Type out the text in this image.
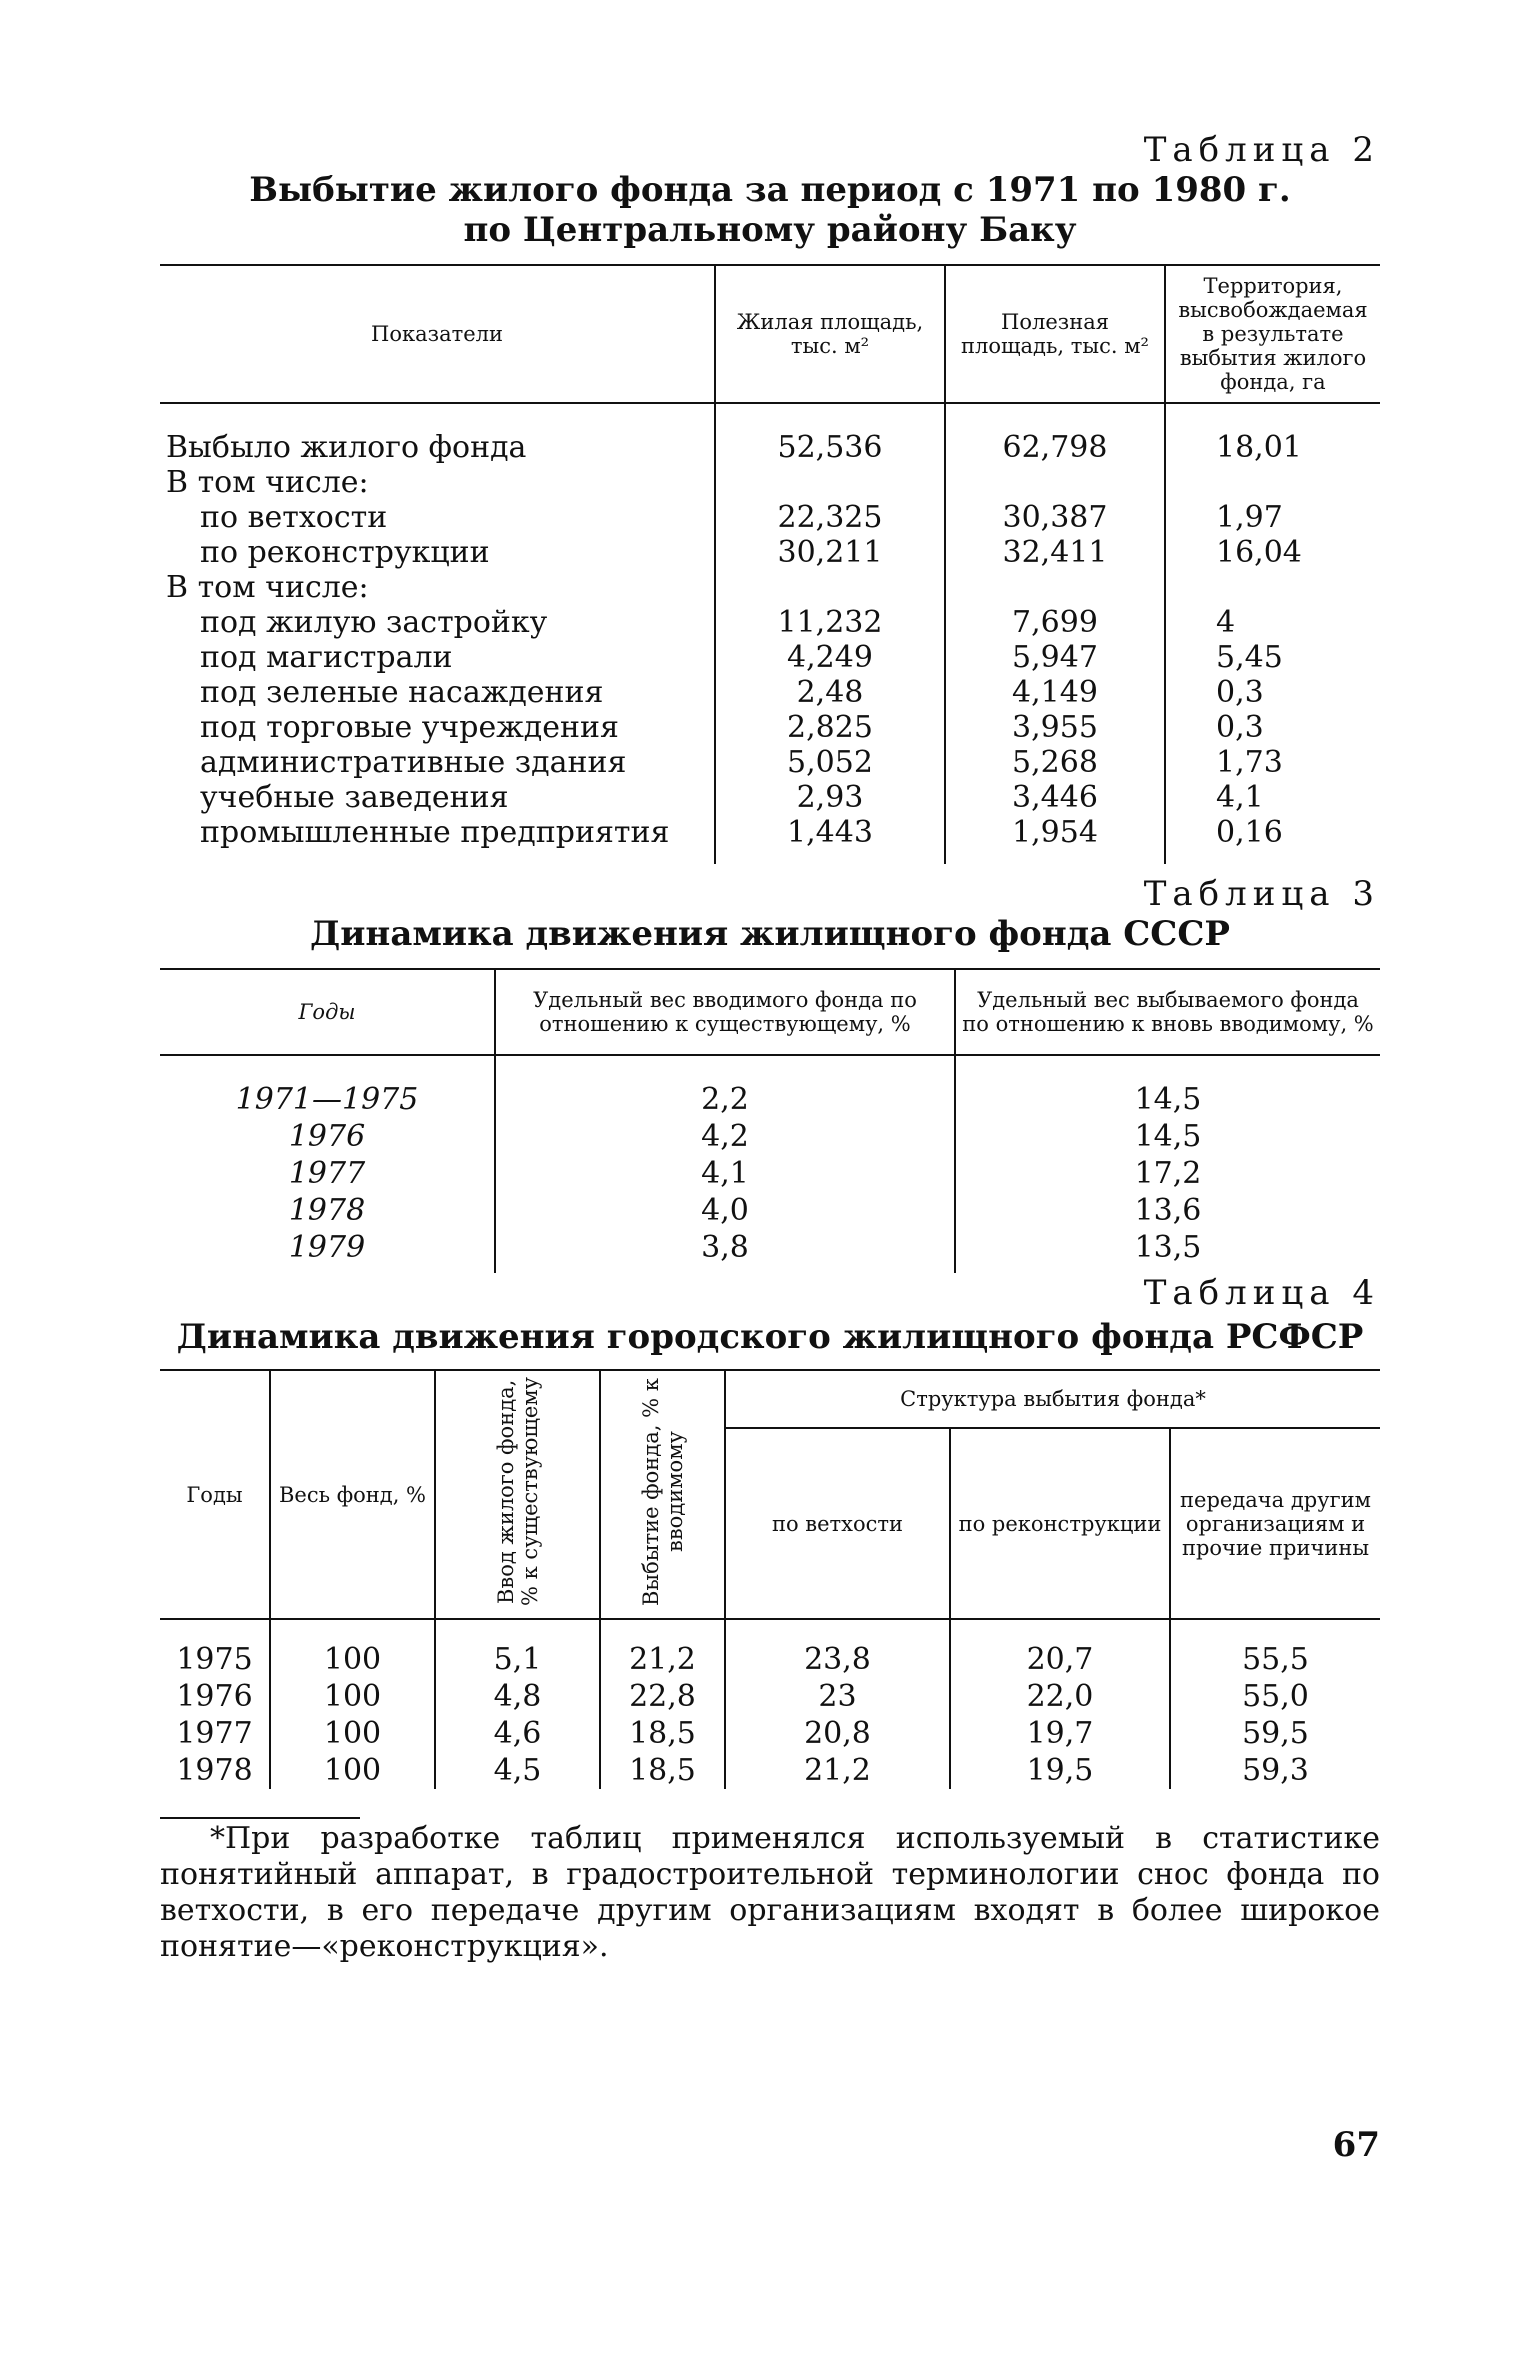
Таблица 2
Выбытие жилого фонда за период с 1971 по 1980 г.
по Центральному району Баку
Показатели	Жилая площадь, тыс. м²	Полезная площадь, тыс. м²	Территория, высвобождаемая в результате выбытия жилого фонда, га
Выбыло жилого фонда	52,536	62,798	18,01
В том числе:			
по ветхости	22,325	30,387	1,97
по реконструкции	30,211	32,411	16,04
В том числе:			
под жилую застройку	11,232	7,699	4
под магистрали	4,249	5,947	5,45
под зеленые насаждения	2,48	4,149	0,3
под торговые учреждения	2,825	3,955	0,3
административные здания	5,052	5,268	1,73
учебные заведения	2,93	3,446	4,1
промышленные предприятия	1,443	1,954	0,16
Таблица 3
Динамика движения жилищного фонда СССР
Годы	Удельный вес вводимого фонда по отношению к существующему, %	Удельный вес выбываемого фонда по отношению к вновь вводимому, %
1971—1975	2,2	14,5
1976	4,2	14,5
1977	4,1	17,2
1978	4,0	13,6
1979	3,8	13,5
Таблица 4
Динамика движения городского жилищного фонда РСФСР
Годы	Весь фонд, %	Ввод жилого фонда, % к существующему	Выбытие фонда, % к вводимому	Структура выбытия фонда*		
				по ветхости	по реконструкции	передача другим организациям и прочие причины
1975	100	5,1	21,2	23,8	20,7	55,5
1976	100	4,8	22,8	23	22,0	55,0
1977	100	4,6	18,5	20,8	19,7	59,5
1978	100	4,5	18,5	21,2	19,5	59,3
*При разработке таблиц применялся используемый в статистике понятийный аппарат, в градостроительной терминологии снос фонда по ветхости, в его передаче другим организациям входят в более широкое понятие—«реконструкция».
67
